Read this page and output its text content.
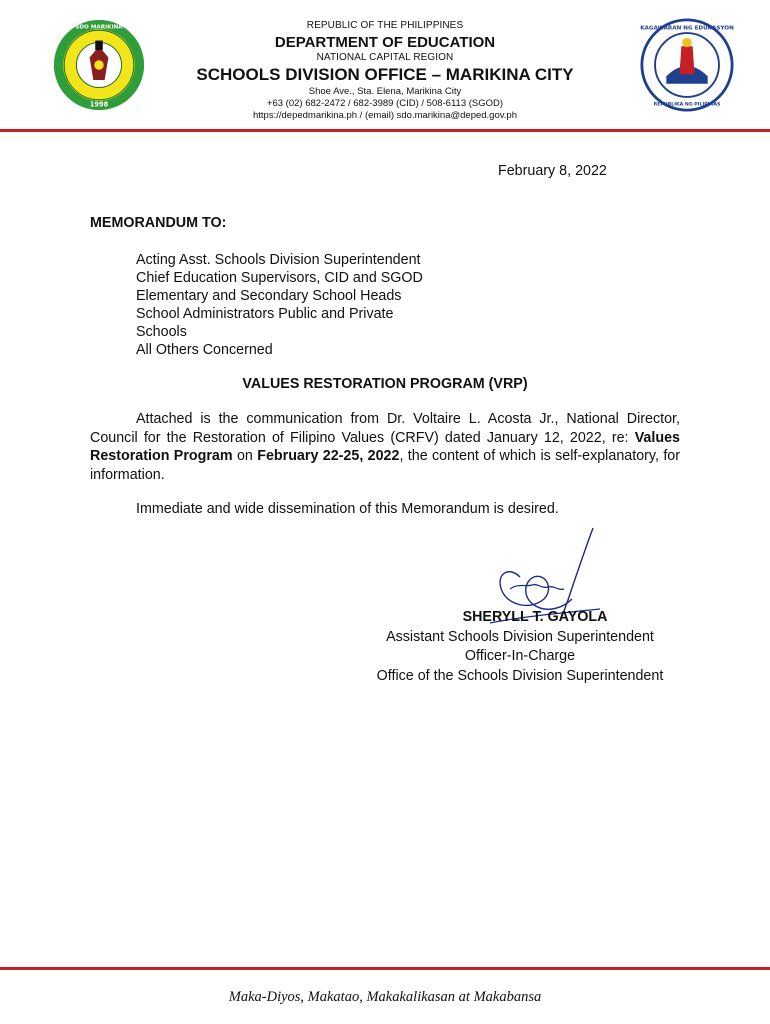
SDO MARIKINA
1998
KAGAWARAN NG EDUKASYON
REPUBLIKA NG PILIPINAS
REPUBLIC OF THE PHILIPPINES
DEPARTMENT OF EDUCATION
NATIONAL CAPITAL REGION
SCHOOLS DIVISION OFFICE – MARIKINA CITY
Shoe Ave., Sta. Elena, Marikina City
+63 (02) 682-2472 / 682-3989 (CID) / 508-6113 (SGOD)
https://depedmarikina.ph / (email) sdo.marikina@deped.gov.ph
February 8, 2022
MEMORANDUM TO:
Acting Asst. Schools Division Superintendent
Chief Education Supervisors, CID and SGOD
Elementary and Secondary School Heads
School Administrators Public and Private
Schools
All Others Concerned
VALUES RESTORATION PROGRAM (VRP)
Attached is the communication from Dr. Voltaire L. Acosta Jr., National Director, Council for the Restoration of Filipino Values (CRFV) dated January 12, 2022, re: Values Restoration Program on February 22-25, 2022, the content of which is self-explanatory, for information.
Immediate and wide dissemination of this Memorandum is desired.
SHERYLL T. GAYOLA
Assistant Schools Division Superintendent
Officer-In-Charge
Office of the Schools Division Superintendent
Maka-Diyos, Makatao, Makakalikasan at Makabansa
